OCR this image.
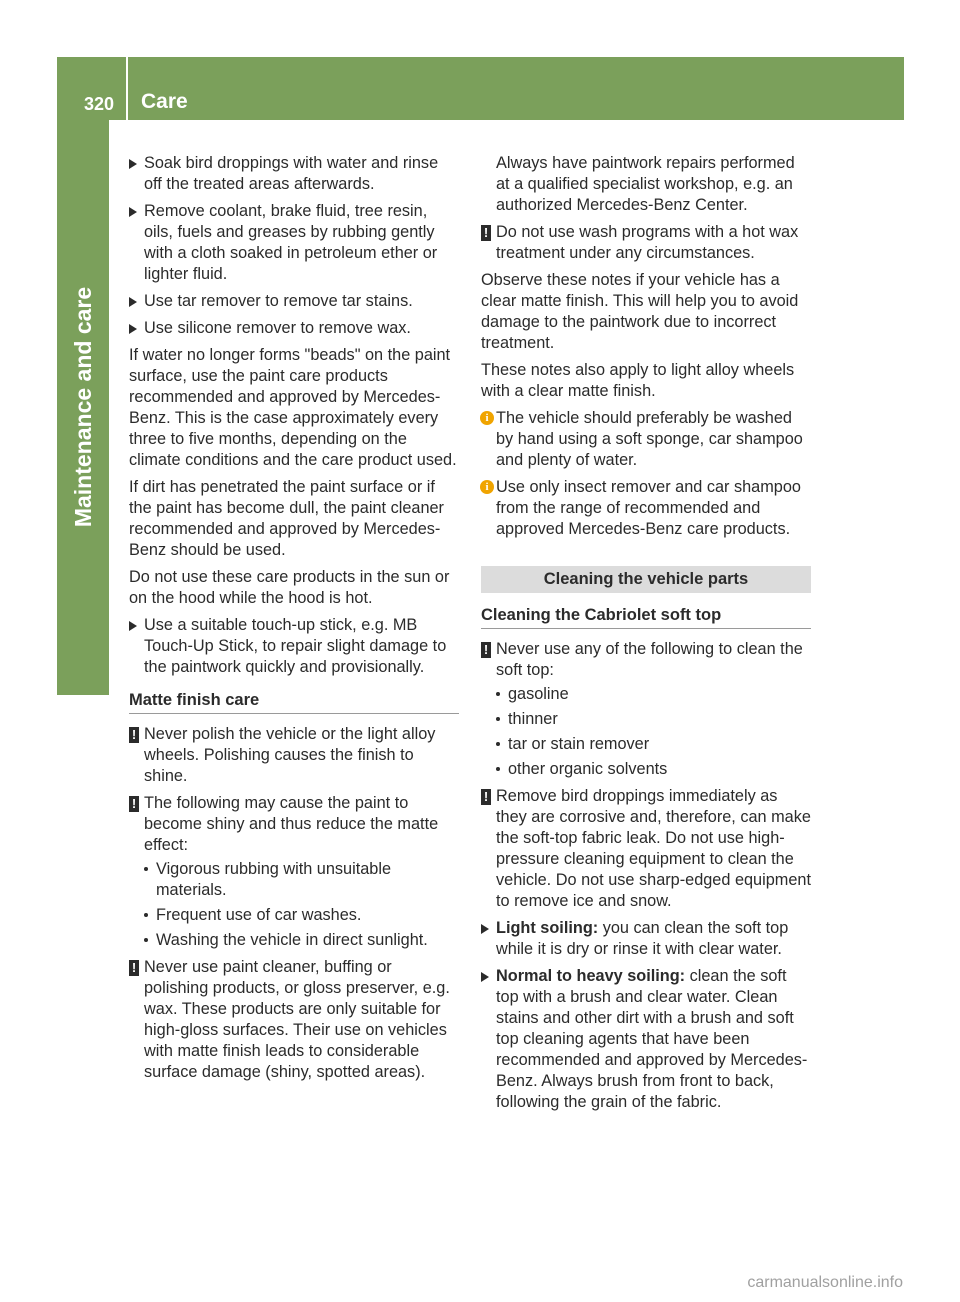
320 Care
Maintenance and care
Soak bird droppings with water and rinse off the treated areas afterwards.
Remove coolant, brake fluid, tree resin, oils, fuels and greases by rubbing gently with a cloth soaked in petroleum ether or lighter fluid.
Use tar remover to remove tar stains.
Use silicone remover to remove wax.

If water no longer forms "beads" on the paint surface, use the paint care products recommended and approved by Mercedes-Benz. This is the case approximately every three to five months, depending on the climate conditions and the care product used.

If dirt has penetrated the paint surface or if the paint has become dull, the paint cleaner recommended and approved by Mercedes-Benz should be used.

Do not use these care products in the sun or on the hood while the hood is hot.

Use a suitable touch-up stick, e.g. MB Touch-Up Stick, to repair slight damage to the paintwork quickly and provisionally.
Matte finish care
! Never polish the vehicle or the light alloy wheels. Polishing causes the finish to shine.
! The following may cause the paint to become shiny and thus reduce the matte effect:
Vigorous rubbing with unsuitable materials.
Frequent use of car washes.
Washing the vehicle in direct sunlight.
! Never use paint cleaner, buffing or polishing products, or gloss preserver, e.g. wax. These products are only suitable for high-gloss surfaces. Their use on vehicles with matte finish leads to considerable surface damage (shiny, spotted areas).

Always have paintwork repairs performed at a qualified specialist workshop, e.g. an authorized Mercedes-Benz Center.

! Do not use wash programs with a hot wax treatment under any circumstances.

Observe these notes if your vehicle has a clear matte finish. This will help you to avoid damage to the paintwork due to incorrect treatment.

These notes also apply to light alloy wheels with a clear matte finish.

i The vehicle should preferably be washed by hand using a soft sponge, car shampoo and plenty of water.
i Use only insect remover and car shampoo from the range of recommended and approved Mercedes-Benz care products.
Cleaning the vehicle parts
Cleaning the Cabriolet soft top
! Never use any of the following to clean the soft top:
gasoline
thinner
tar or stain remover
other organic solvents
! Remove bird droppings immediately as they are corrosive and, therefore, can make the soft-top fabric leak. Do not use high-pressure cleaning equipment to clean the vehicle. Do not use sharp-edged equipment to remove ice and snow.
Light soiling: you can clean the soft top while it is dry or rinse it with clear water.
Normal to heavy soiling: clean the soft top with a brush and clear water. Clean stains and other dirt with a brush and soft top cleaning agents that have been recommended and approved by Mercedes-Benz. Always brush from front to back, following the grain of the fabric.
carmanualsonline.info
